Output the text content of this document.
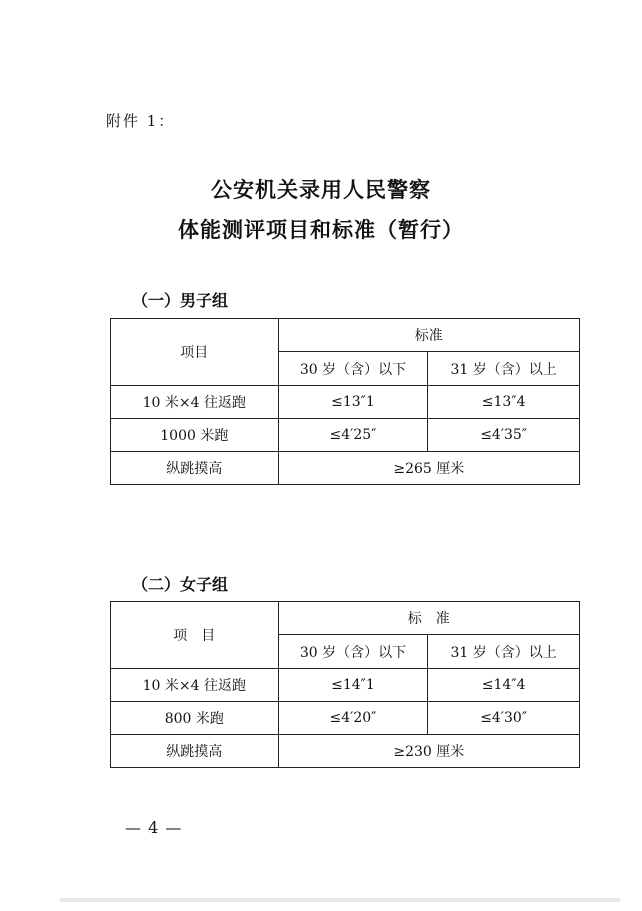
附件 1：
公安机关录用人民警察
体能测评项目和标准（暂行）
（一）男子组
项目	标准	
	30 岁（含）以下	31 岁（含）以上
10 米×4 往返跑	≤13″1	≤13″4
1000 米跑	≤4′25″	≤4′35″
纵跳摸高	≥265 厘米	
（二）女子组
项　目	标　准	
	30 岁（含）以下	31 岁（含）以上
10 米×4 往返跑	≤14″1	≤14″4
800 米跑	≤4′20″	≤4′30″
纵跳摸高	≥230 厘米	
— 4 —
